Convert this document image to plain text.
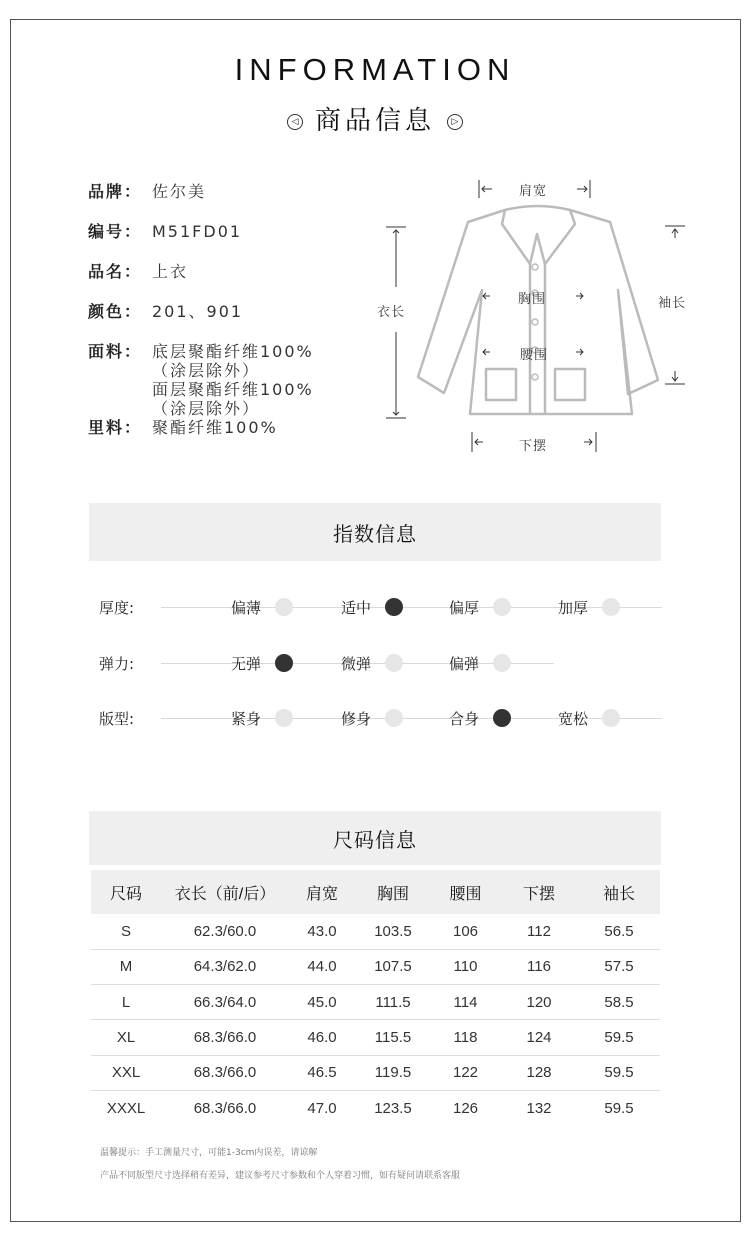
INFORMATION
◁ 商品信息 ▷
品牌： 佐尔美
编号： M51FD01
品名： 上衣
颜色： 201、901
面料： 底层聚酯纤维100%
（涂层除外）
面层聚酯纤维100%
（涂层除外）
里料： 聚酯纤维100%
肩宽
衣长
胸围
腰围
下摆
袖长
指数信息
厚度:	偏薄	适中	偏厚	加厚
弹力:	无弹	微弹	偏弹
版型:	紧身	修身	合身	宽松
尺码信息
尺码	衣长（前/后）	肩宽	胸围	腰围	下摆	袖长
S	62.3/60.0	43.0	103.5	106	112	56.5
M	64.3/62.0	44.0	107.5	110	116	57.5
L	66.3/64.0	45.0	111.5	114	120	58.5
XL	68.3/66.0	46.0	115.5	118	124	59.5
XXL	68.3/66.0	46.5	119.5	122	128	59.5
XXXL	68.3/66.0	47.0	123.5	126	132	59.5
温馨提示：手工测量尺寸，可能1-3cm内误差，请谅解
产品不同版型尺寸选择稍有差异，建议参考尺寸参数和个人穿着习惯，如有疑问请联系客服
